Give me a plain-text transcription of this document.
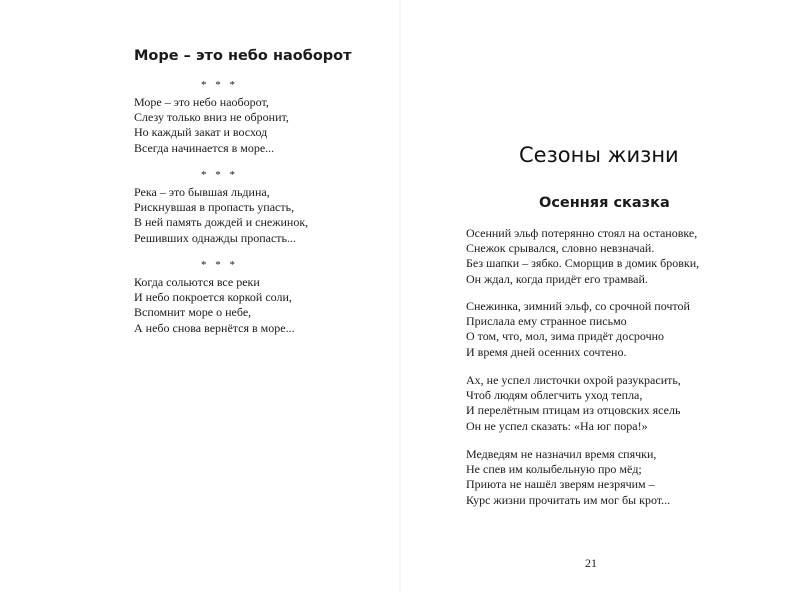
Море – это небо наоборот
* * *
Море – это небо наоборот,
Слезу только вниз не обронит,
Но каждый закат и восход
Всегда начинается в море...
* * *
Река – это бывшая льдина,
Рискнувшая в пропасть упасть,
В ней память дождей и снежинок,
Решивших однажды пропасть...
* * *
Когда сольются все реки
И небо покроется коркой соли,
Вспомнит море о небе,
А небо снова вернётся в море...
Сезоны жизни
Осенняя сказка
Осенний эльф потерянно стоял на остановке,
Снежок срывался, словно невзначай.
Без шапки – зябко. Сморщив в домик бровки,
Он ждал, когда придёт его трамвай.
Снежинка, зимний эльф, со срочной почтой
Прислала ему странное письмо
О том, что, мол, зима придёт досрочно
И время дней осенних сочтено.
Ах, не успел листочки охрой разукрасить,
Чтоб людям облегчить уход тепла,
И перелётным птицам из отцовских ясель
Он не успел сказать: «На юг пора!»
Медведям не назначил время спячки,
Не спев им колыбельную про мёд;
Приюта не нашёл зверям незрячим –
Курс жизни прочитать им мог бы крот...
21
